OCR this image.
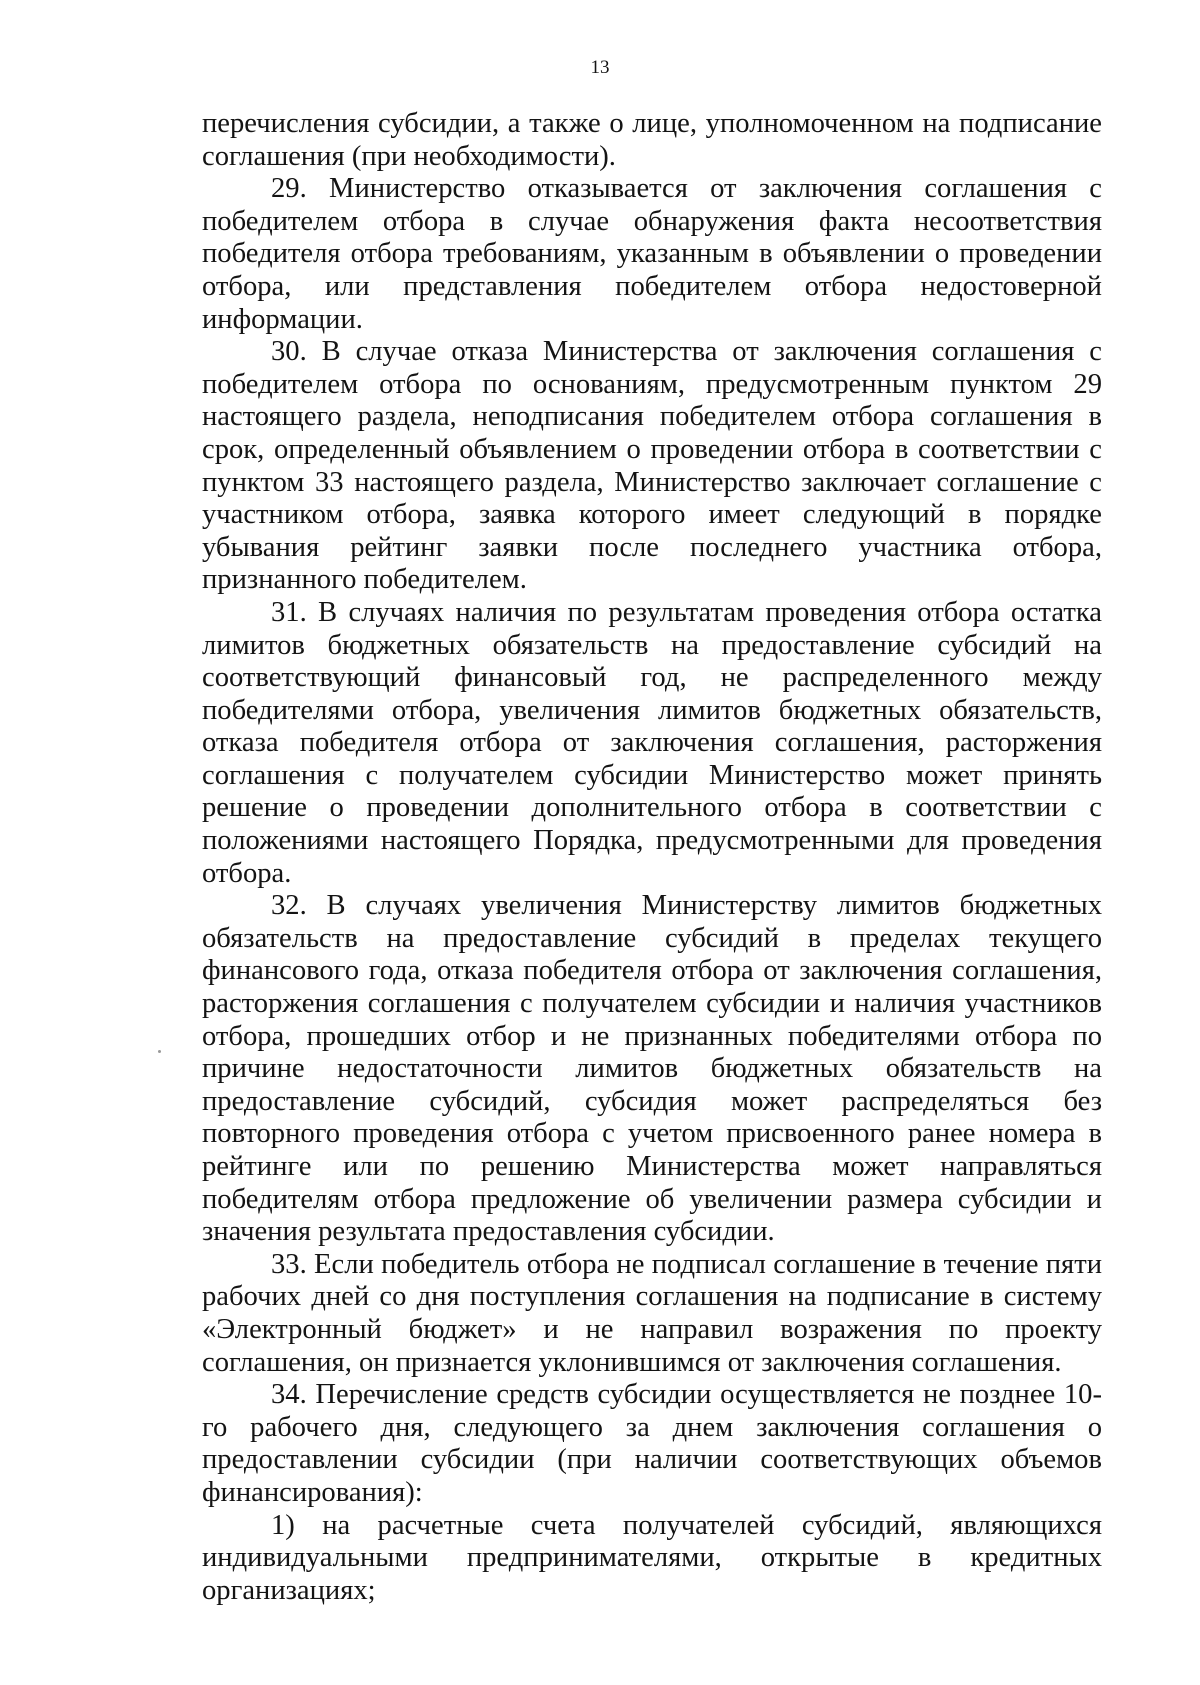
13

перечисления субсидии, а также о лице, уполномоченном на подписание соглашения (при необходимости).

29. Министерство отказывается от заключения соглашения с победителем отбора в случае обнаружения факта несоответствия победителя отбора требованиям, указанным в объявлении о проведении отбора, или представления победителем отбора недостоверной информации.

30. В случае отказа Министерства от заключения соглашения с победителем отбора по основаниям, предусмотренным пунктом 29 настоящего раздела, неподписания победителем отбора соглашения в срок, определенный объявлением о проведении отбора в соответствии с пунктом 33 настоящего раздела, Министерство заключает соглашение с участником отбора, заявка которого имеет следующий в порядке убывания рейтинг заявки после последнего участника отбора, признанного победителем.

31. В случаях наличия по результатам проведения отбора остатка лимитов бюджетных обязательств на предоставление субсидий на соответствующий финансовый год, не распределенного между победителями отбора, увеличения лимитов бюджетных обязательств, отказа победителя отбора от заключения соглашения, расторжения соглашения с получателем субсидии Министерство может принять решение о проведении дополнительного отбора в соответствии с положениями настоящего Порядка, предусмотренными для проведения отбора.

32. В случаях увеличения Министерству лимитов бюджетных обязательств на предоставление субсидий в пределах текущего финансового года, отказа победителя отбора от заключения соглашения, расторжения соглашения с получателем субсидии и наличия участников отбора, прошедших отбор и не признанных победителями отбора по причине недостаточности лимитов бюджетных обязательств на предоставление субсидий, субсидия может распределяться без повторного проведения отбора с учетом присвоенного ранее номера в рейтинге или по решению Министерства может направляться победителям отбора предложение об увеличении размера субсидии и значения результата предоставления субсидии.

33. Если победитель отбора не подписал соглашение в течение пяти рабочих дней со дня поступления соглашения на подписание в систему «Электронный бюджет» и не направил возражения по проекту соглашения, он признается уклонившимся от заключения соглашения.

34. Перечисление средств субсидии осуществляется не позднее 10-го рабочего дня, следующего за днем заключения соглашения о предоставлении субсидии (при наличии соответствующих объемов финансирования):

1) на расчетные счета получателей субсидий, являющихся индивидуальными предпринимателями, открытые в кредитных организациях;
